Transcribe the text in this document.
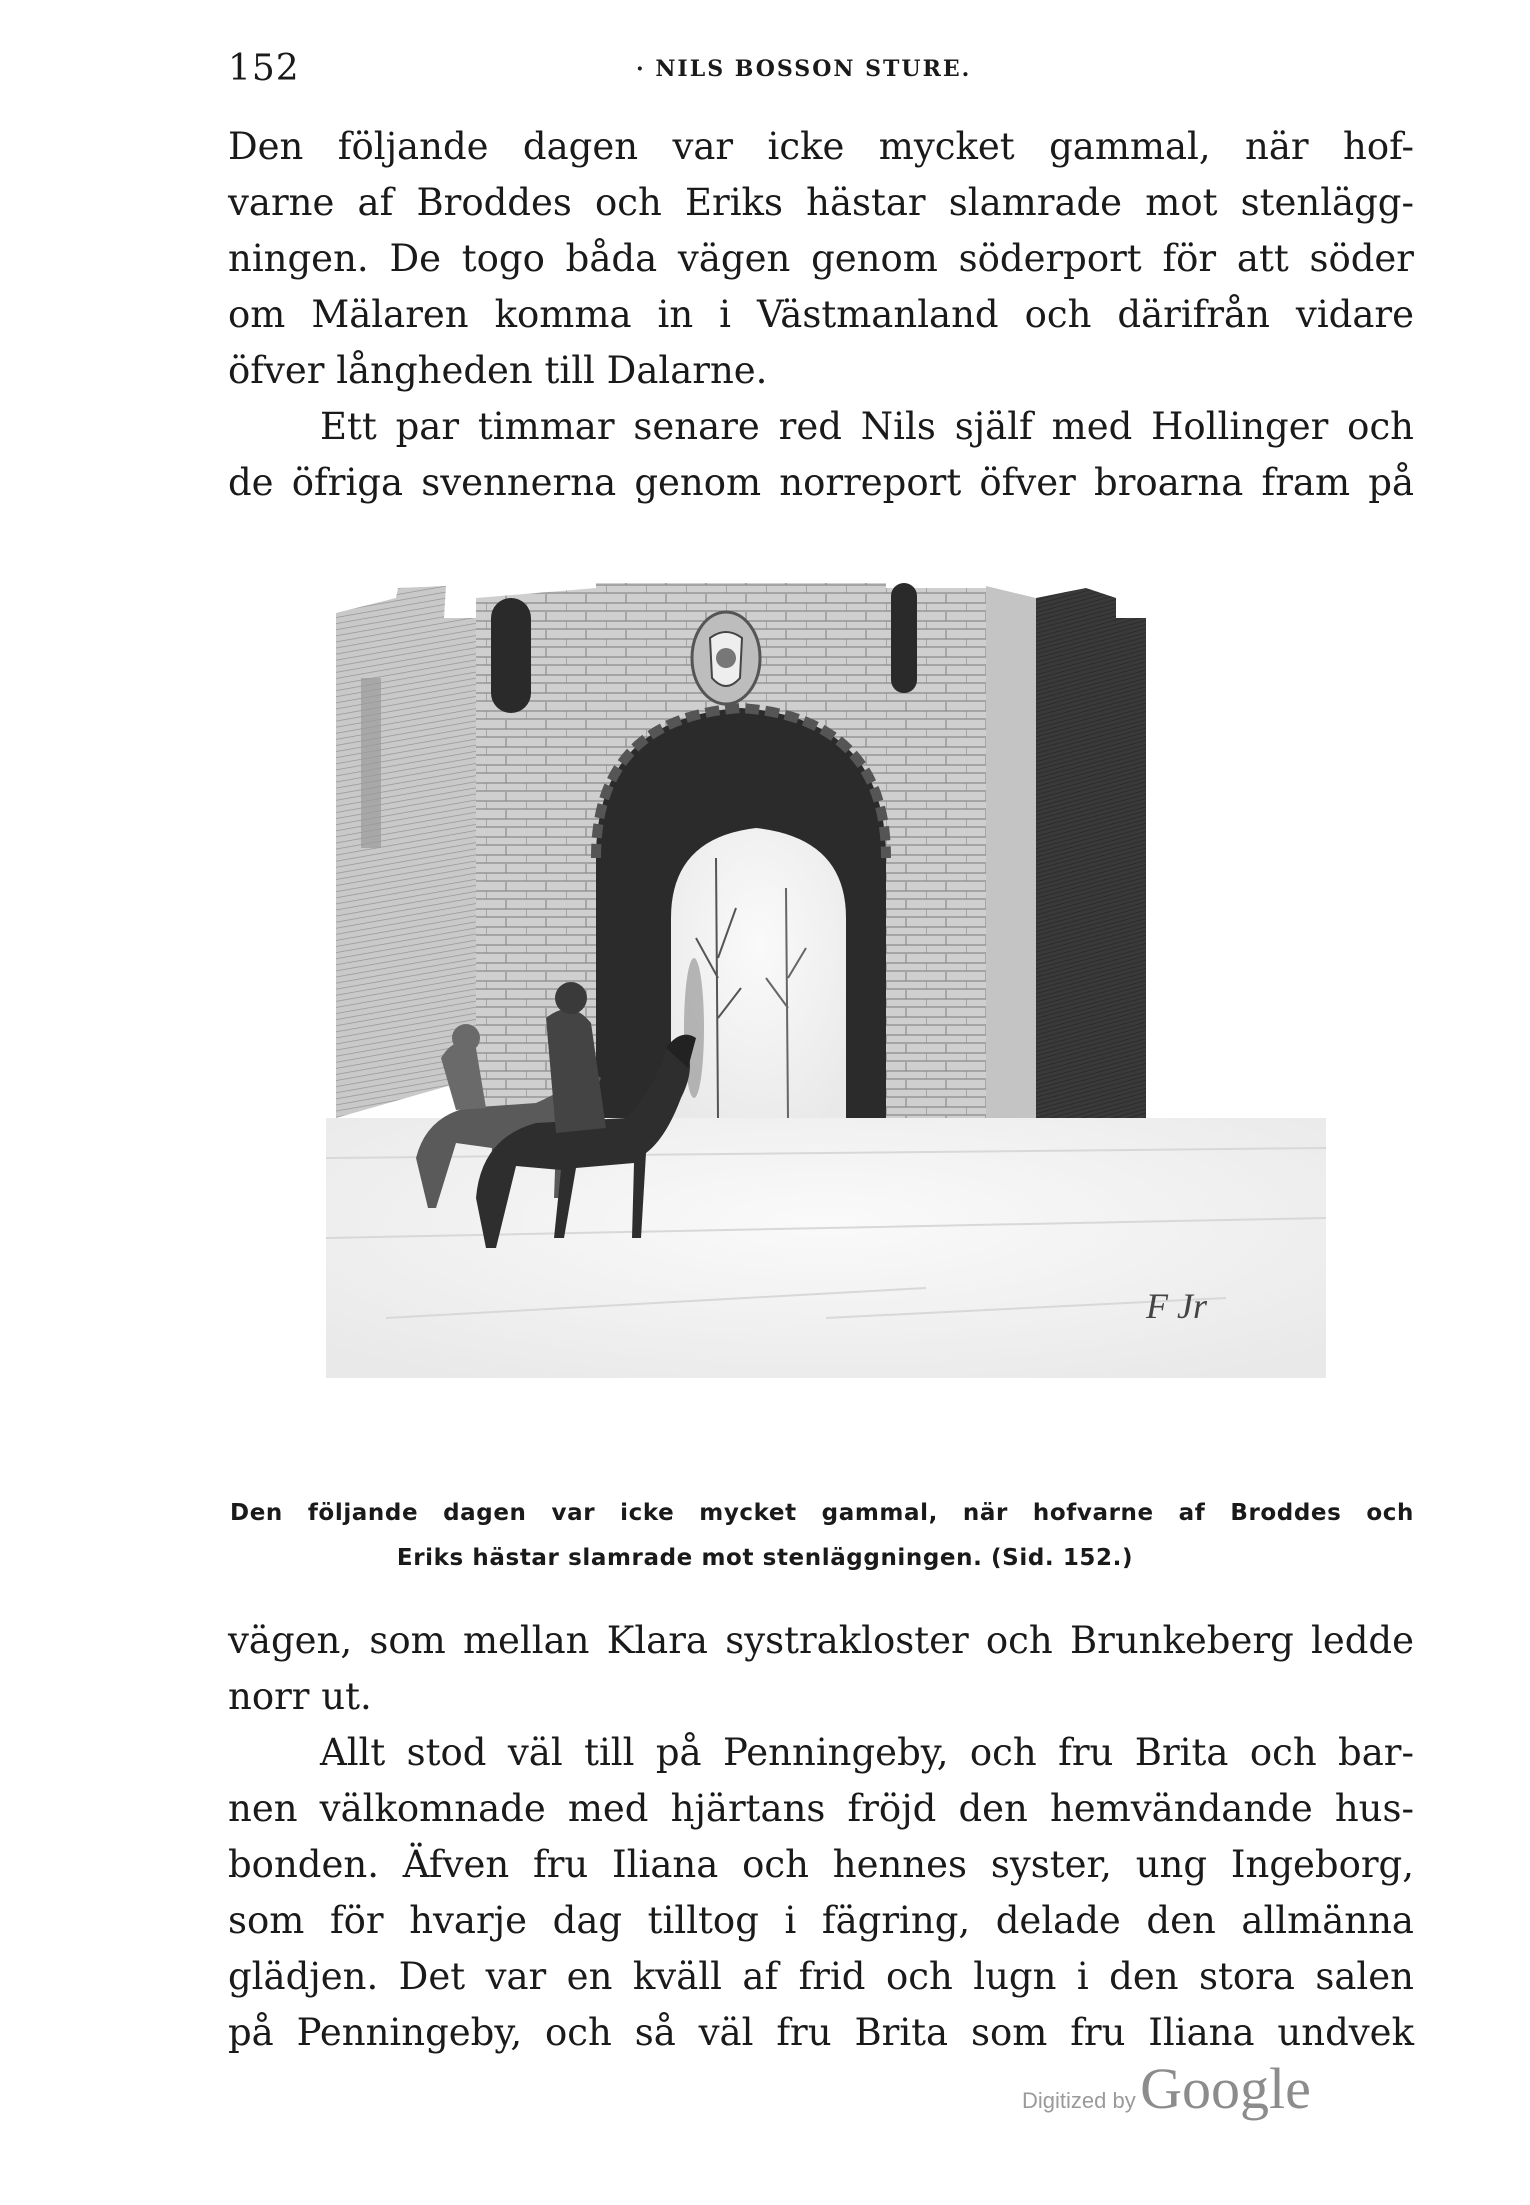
152	· NILS BOSSON STURE.
Den följande dagen var icke mycket gammal, när hof-
varne af Broddes och Eriks hästar slamrade mot stenlägg-
ningen. De togo båda vägen genom söderport för att söder
om Mälaren komma in i Västmanland och därifrån vidare
öfver långheden till Dalarne.
Ett par timmar senare red Nils själf med Hollinger och
de öfriga svennerna genom norreport öfver broarna fram på
F Jr
Den följande dagen var icke mycket gammal, när hofvarne af Broddes och
Eriks hästar slamrade mot stenläggningen. (Sid. 152.)
vägen, som mellan Klara systrakloster och Brunkeberg ledde
norr ut.
Allt stod väl till på Penningeby, och fru Brita och bar-
nen välkomnade med hjärtans fröjd den hemvändande hus-
bonden. Äfven fru Iliana och hennes syster, ung Ingeborg,
som för hvarje dag tilltog i fägring, delade den allmänna
glädjen. Det var en kväll af frid och lugn i den stora salen
på Penningeby, och så väl fru Brita som fru Iliana undvek
Digitized by Google
